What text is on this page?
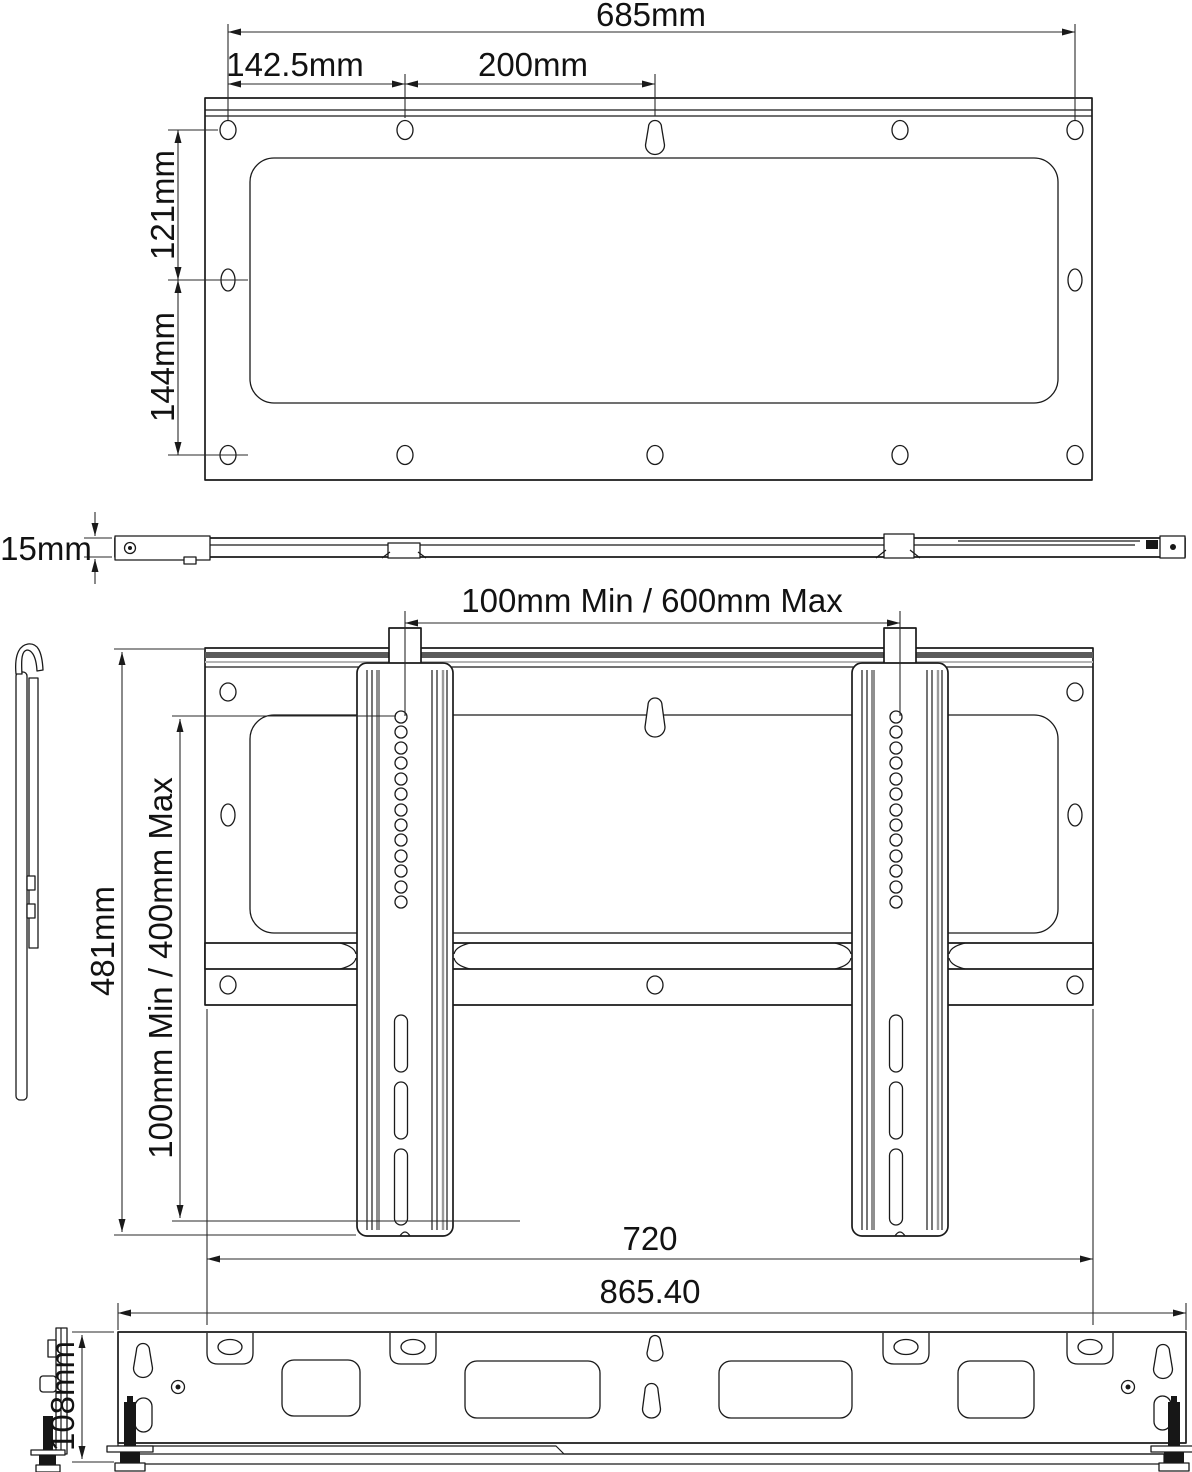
685mm
142.5mm	200mm
121mm
144mm
15mm
100mm Min / 600mm Max
481mm 100mm Min / 400mm Max
720
865.40
108mm
